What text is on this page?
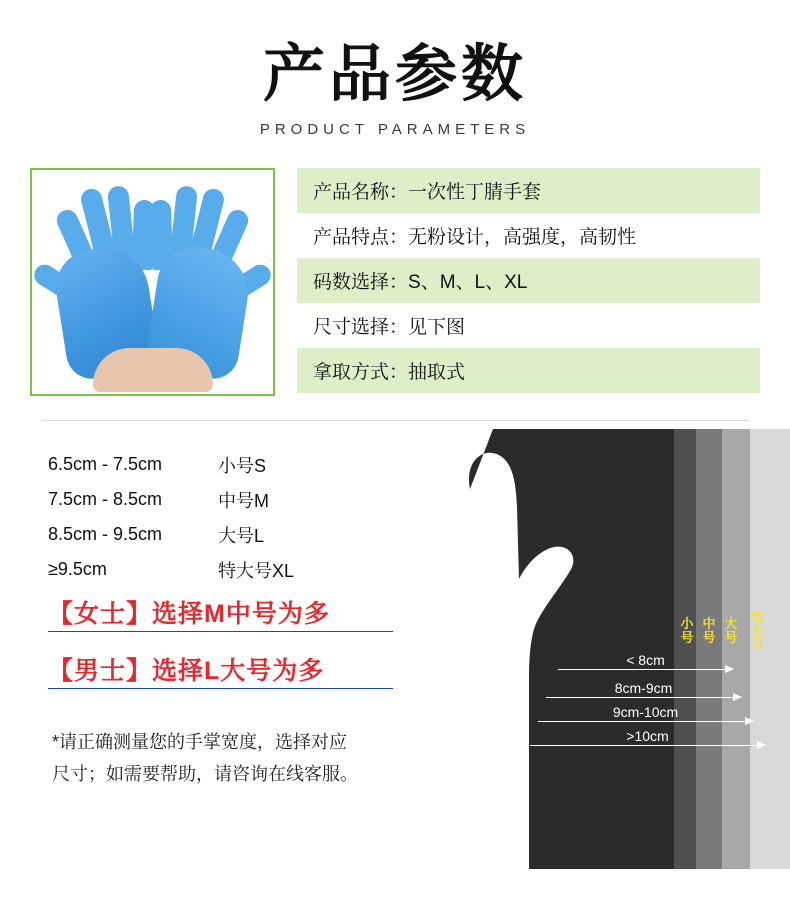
产品参数
PRODUCT PARAMETERS
产品名称： 一次性丁腈手套
产品特点： 无粉设计，高强度，高韧性
码数选择： S、M、L、XL
尺寸选择： 见下图
拿取方式： 抽取式
< 8cm
8cm-9cm
9cm-10cm
>10cm
小号
中号
大号
特大号
6.5cm - 7.5cm	小号S
7.5cm - 8.5cm	中号M
8.5cm - 9.5cm	大号L
≥9.5cm	特大号XL
【女士】选择M中号为多
【男士】选择L大号为多
*请正确测量您的手掌宽度，选择对应
尺寸；如需要帮助，请咨询在线客服。
